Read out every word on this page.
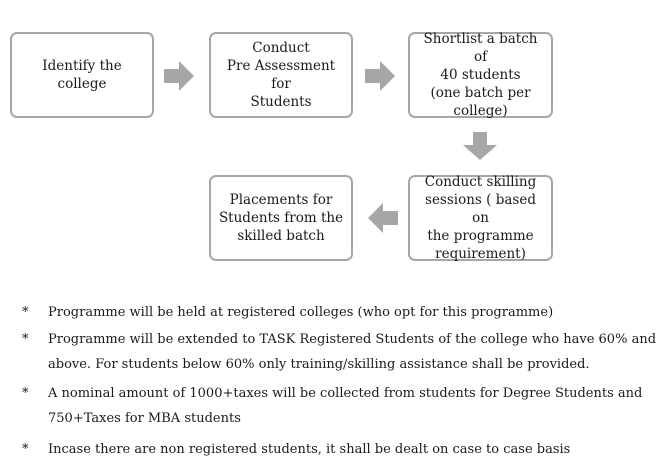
Identify the college
Conduct
Pre Assessment for
Students
Shortlist a batch of
40 students
(one batch per
college)
Placements for
Students from the
skilled batch
Conduct skilling
sessions ( based on
the programme
requirement)
* Programme will be held at registered colleges (who opt for this programme)
* Programme will be extended to TASK Registered Students of the college who have 60% and above. For students below 60% only training/skilling assistance shall be provided.
* A nominal amount of 1000+taxes will be collected from students for Degree Students and 750+Taxes for MBA students
* Incase there are non registered students, it shall be dealt on case to case basis
